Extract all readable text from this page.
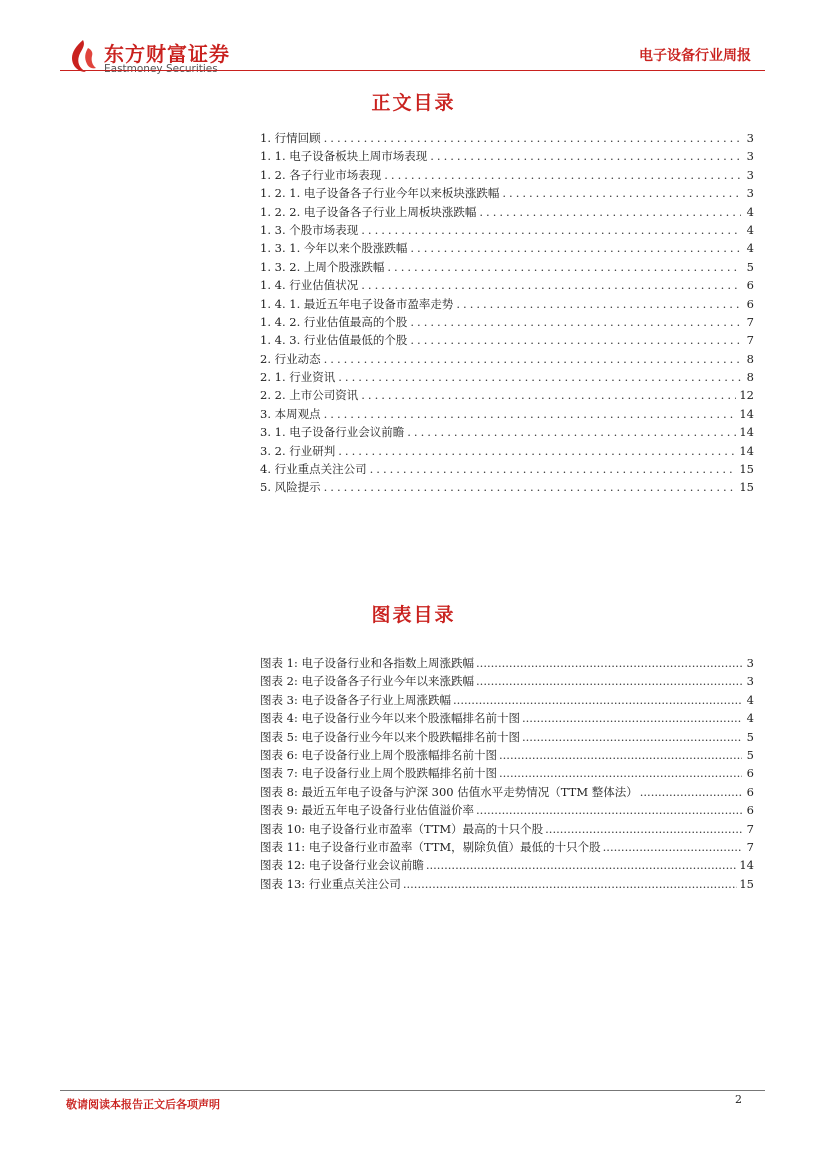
东方财富证券
Eastmoney Securities
电子设备行业周报
正文目录
1. 行情回顾 .....	3
1. 1. 电子设备板块上周市场表现 .....	3
1. 2. 各子行业市场表现 .....	3
1. 2. 1. 电子设备各子行业今年以来板块涨跌幅 .....	3
1. 2. 2. 电子设备各子行业上周板块涨跌幅 .....	4
1. 3. 个股市场表现 .....	4
1. 3. 1. 今年以来个股涨跌幅 .....	4
1. 3. 2. 上周个股涨跌幅 .....	5
1. 4. 行业估值状况 .....	6
1. 4. 1. 最近五年电子设备市盈率走势 .....	6
1. 4. 2. 行业估值最高的个股 .....	7
1. 4. 3. 行业估值最低的个股 .....	7
2. 行业动态 .....	8
2. 1. 行业资讯 .....	8
2. 2. 上市公司资讯 .....	12
3. 本周观点 .....	14
3. 1. 电子设备行业会议前瞻 .....	14
3. 2. 行业研判 .....	14
4. 行业重点关注公司 .....	15
5. 风险提示 .....	15
图表目录
图表 1: 电子设备行业和各指数上周涨跌幅 .....	3
图表 2: 电子设备各子行业今年以来涨跌幅 .....	3
图表 3: 电子设备各子行业上周涨跌幅 .....	4
图表 4: 电子设备行业今年以来个股涨幅排名前十图 .....	4
图表 5: 电子设备行业今年以来个股跌幅排名前十图 .....	5
图表 6: 电子设备行业上周个股涨幅排名前十图 .....	5
图表 7: 电子设备行业上周个股跌幅排名前十图 .....	6
图表 8: 最近五年电子设备与沪深 300 估值水平走势情况（TTM 整体法） .....	6
图表 9: 最近五年电子设备行业估值溢价率 .....	6
图表 10: 电子设备行业市盈率（TTM）最高的十只个股 .....	7
图表 11: 电子设备行业市盈率（TTM，剔除负值）最低的十只个股 .....	7
图表 12: 电子设备行业会议前瞻 .....	14
图表 13: 行业重点关注公司 .....	15
敬请阅读本报告正文后各项声明	2
